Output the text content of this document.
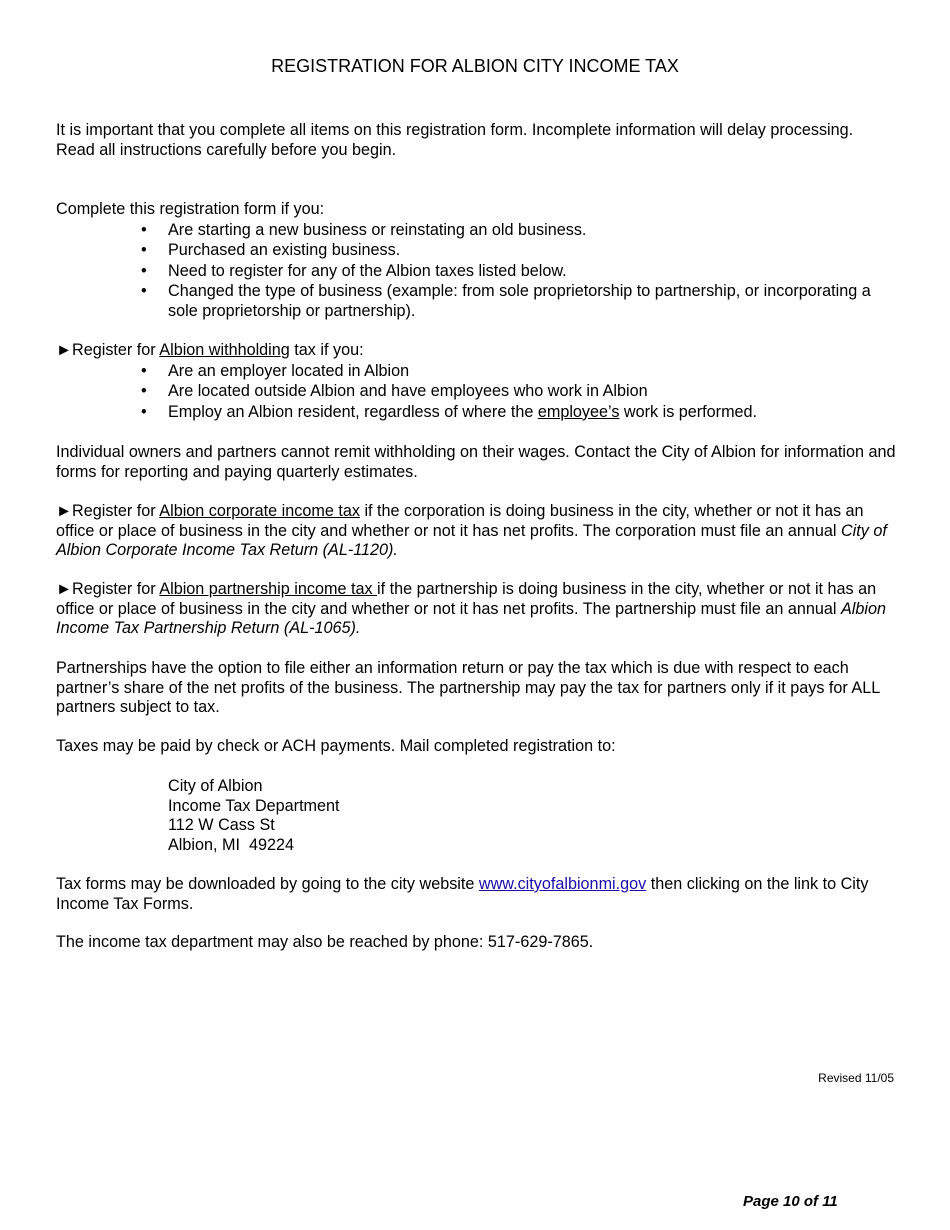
REGISTRATION FOR ALBION CITY INCOME TAX

It is important that you complete all items on this registration form. Incomplete information will delay processing. Read all instructions carefully before you begin.

Complete this registration form if you:

• Are starting a new business or reinstating an old business.
• Purchased an existing business.
• Need to register for any of the Albion taxes listed below.
• Changed the type of business (example: from sole proprietorship to partnership, or incorporating a sole proprietorship or partnership).

►Register for Albion withholding tax if you:

• Are an employer located in Albion
• Are located outside Albion and have employees who work in Albion
• Employ an Albion resident, regardless of where the employee’s work is performed.

Individual owners and partners cannot remit withholding on their wages. Contact the City of Albion for information and forms for reporting and paying quarterly estimates.

►Register for Albion corporate income tax if the corporation is doing business in the city, whether or not it has an office or place of business in the city and whether or not it has net profits. The corporation must file an annual City of Albion Corporate Income Tax Return (AL-1120).

►Register for Albion partnership income tax if the partnership is doing business in the city, whether or not it has an office or place of business in the city and whether or not it has net profits. The partnership must file an annual Albion Income Tax Partnership Return (AL-1065).

Partnerships have the option to file either an information return or pay the tax which is due with respect to each partner’s share of the net profits of the business. The partnership may pay the tax for partners only if it pays for ALL partners subject to tax.

Taxes may be paid by check or ACH payments. Mail completed registration to:

City of Albion
Income Tax Department
112 W Cass St
Albion, MI  49224

Tax forms may be downloaded by going to the city website www.cityofalbionmi.gov then clicking on the link to City Income Tax Forms.

The income tax department may also be reached by phone: 517-629-7865.

Revised 11/05
Page 10 of 11
